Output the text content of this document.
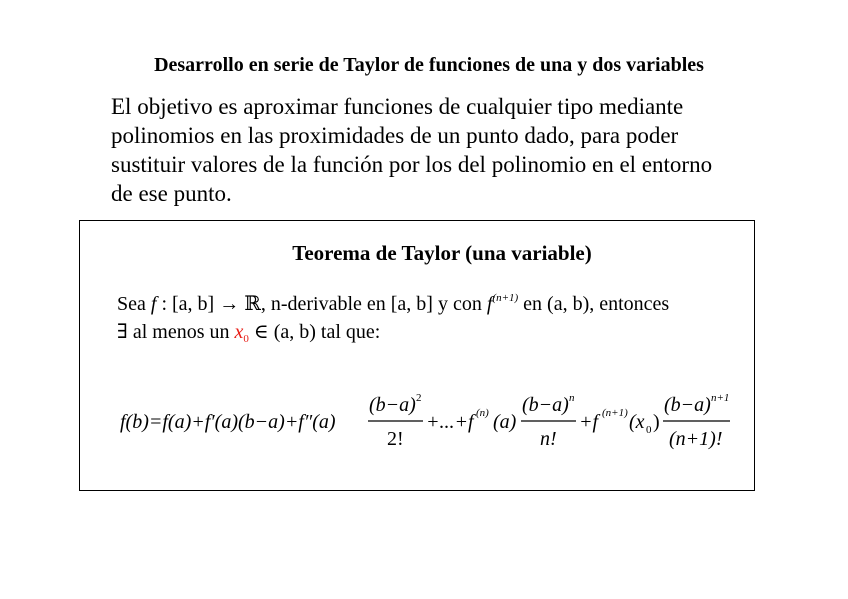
Desarrollo en serie de Taylor de funciones de una y dos variables
El objetivo es aproximar funciones de cualquier tipo mediante
polinomios en las proximidades de un punto dado, para poder
sustituir valores de la función por los del polinomio en el entorno
de ese punto.
Teorema de Taylor (una variable)
Sea f : [a, b] → ℝ, n-derivable en [a, b] y con $f^{(n+1)}$ en (a, b), entonces
∃ al menos un $x_0$ ∈ (a, b) tal que:
f(b)=f(a)+f′(a)(b−a)+f″(a)
(b−a) 2
2!
+...+f (n) (a)
(b−a) n
n!
+f (n+1) (x 0 )
(b−a) n+1
(n+1)!
